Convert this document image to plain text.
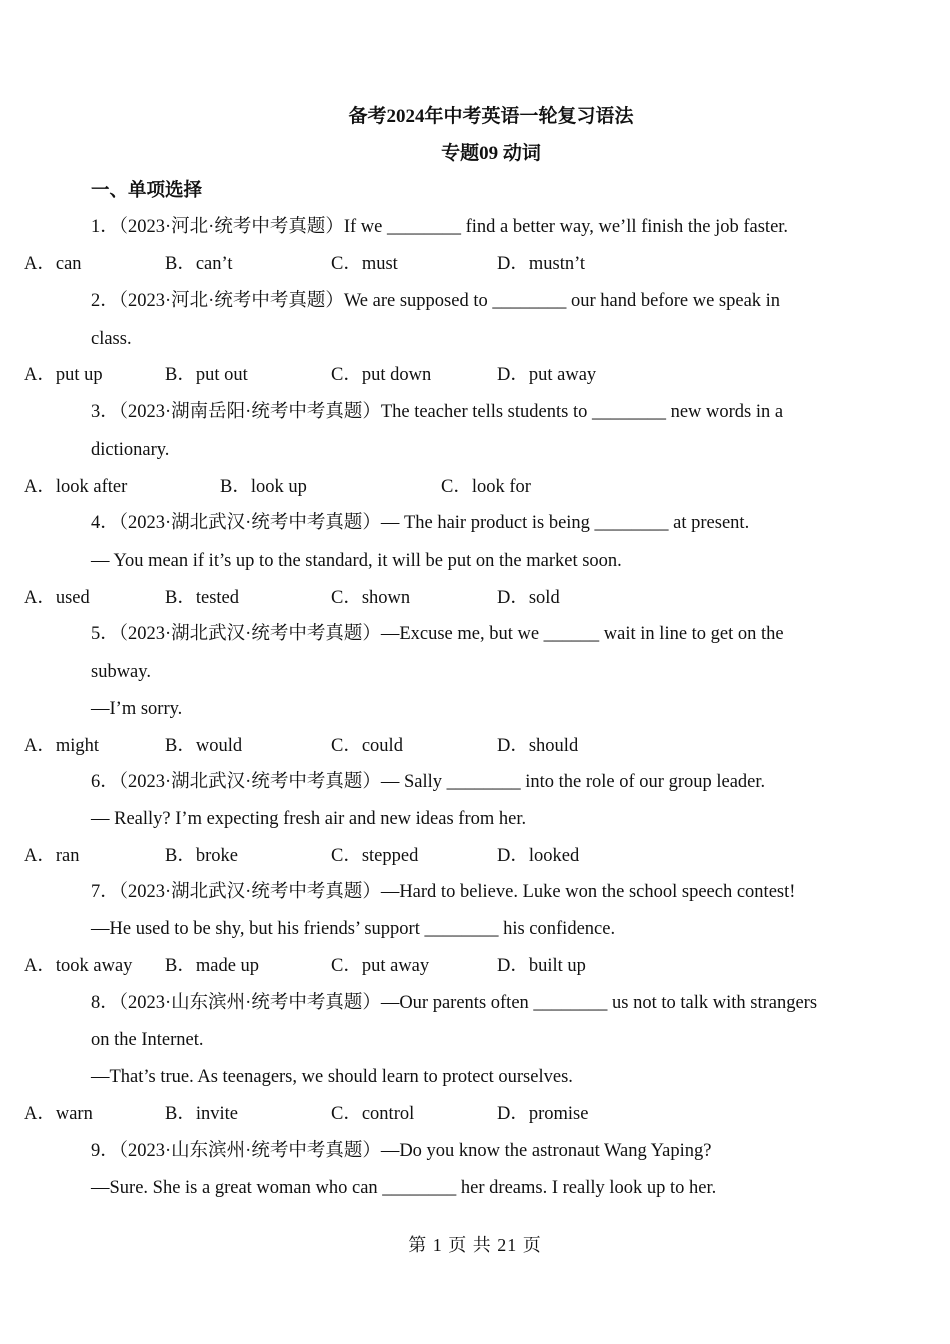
备考2024年中考英语一轮复习语法
专题09 动词
一、单项选择
1．（2023·河北·统考中考真题）If we ________ find a better way, we’ll finish the job faster.
A．can	B．can’t	C．must	D．mustn’t
2．（2023·河北·统考中考真题）We are supposed to ________ our hand before we speak in
class.
A．put up	B．put out	C．put down	D．put away
3．（2023·湖南岳阳·统考中考真题）The teacher tells students to ________ new words in a
dictionary.
A．look after	B．look up	C．look for
4．（2023·湖北武汉·统考中考真题）— The hair product is being ________ at present.
— You mean if it’s up to the standard, it will be put on the market soon.
A．used	B．tested	C．shown	D．sold
5．（2023·湖北武汉·统考中考真题）—Excuse me, but we ______ wait in line to get on the
subway.
—I’m sorry.
A．might	B．would	C．could	D．should
6．（2023·湖北武汉·统考中考真题）— Sally ________ into the role of our group leader.
— Really? I’m expecting fresh air and new ideas from her.
A．ran	B．broke	C．stepped	D．looked
7．（2023·湖北武汉·统考中考真题）—Hard to believe. Luke won the school speech contest!
—He used to be shy, but his friends’ support ________ his confidence.
A．took away B．made up	C．put away	D．built up
8．（2023·山东滨州·统考中考真题）—Our parents often ________ us not to talk with strangers
on the Internet.
—That’s true. As teenagers, we should learn to protect ourselves.
A．warn	B．invite	C．control	D．promise
9．（2023·山东滨州·统考中考真题）—Do you know the astronaut Wang Yaping?
—Sure. She is a great woman who can ________ her dreams. I really look up to her.
第 1 页 共 21 页
